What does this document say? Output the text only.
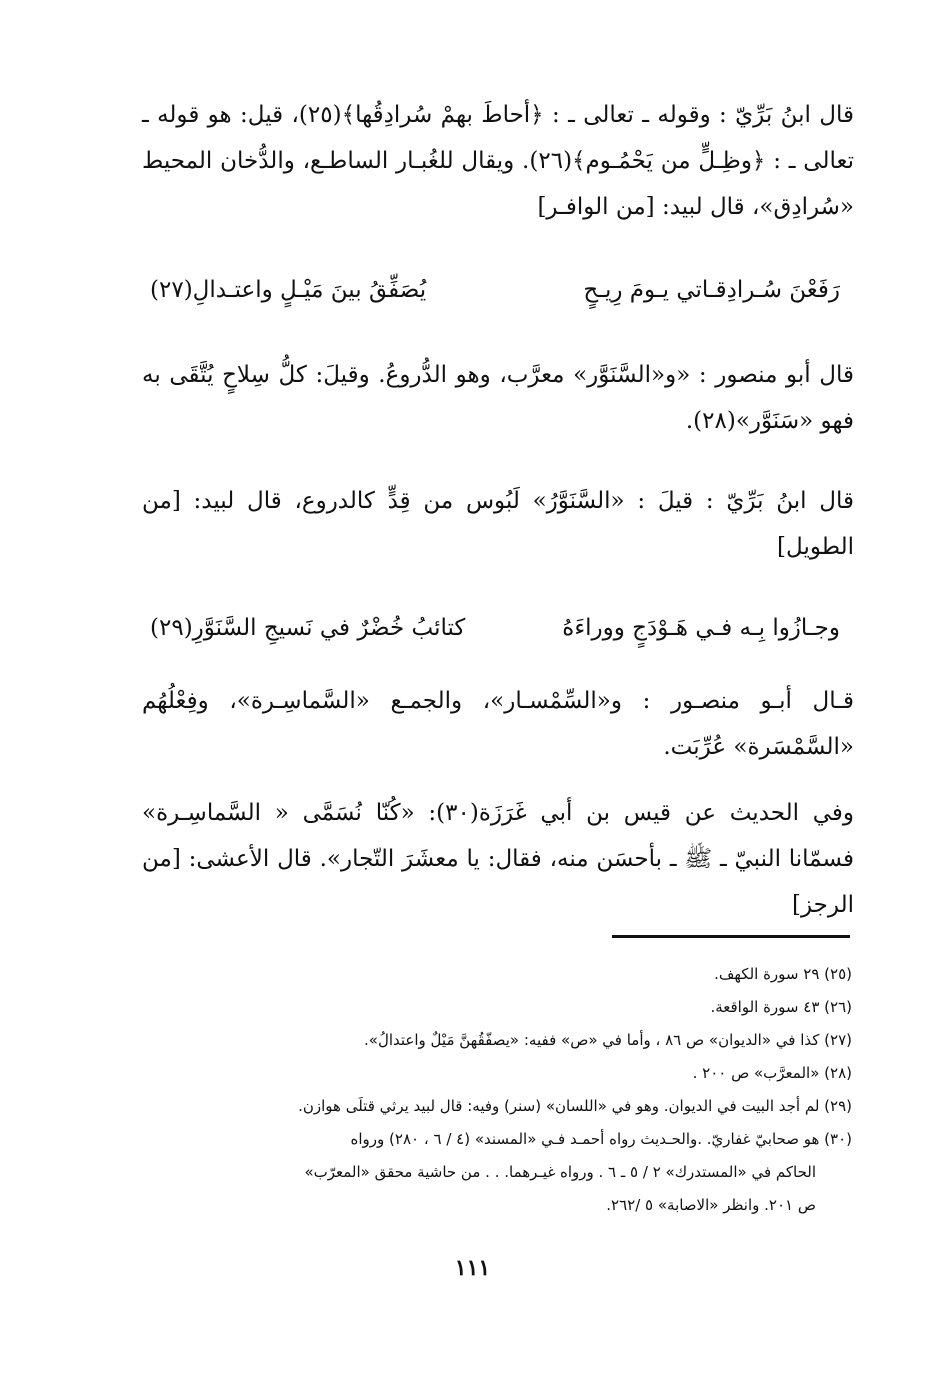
قال ابنُ بَرِّيّ : وقوله ـ تعالى ـ : ﴿أحاطَ بهمْ سُرادِقُها﴾(٢٥)، قيل: هو قوله ـ تعالى ـ : ﴿وظِـلٍّ من يَحْمُـوم﴾(٢٦). ويقال للغُبـار الساطـع، والدُّخان المحيط «سُرادِق»، قال لبيد: [من الوافـر]

رَفَعْنَ سُـرادِقـاتي يـومَ رِيـحٍ
يُصَفِّقُ بينَ مَيْـلٍ واعتـدالِ(٢٧)

قال أبو منصور : «و«السَّنَوَّر» معرَّب، وهو الدُّروعُ. وقيلَ: كلُّ سِلاحٍ يُتَّقَى به فهو «سَنَوَّر»(٢٨).

قال ابنُ بَرِّيّ : قيلَ : «السَّنَوَّرُ» لَبُوس من قِدٍّ كالدروع، قال لبيد: [من الطويل]

وجـازُوا بِـه فـي هَـوْدَجٍ ووراءَهُ
كتائبُ خُضْرٌ في نَسيجِ السَّنَوَّرِ(٢٩)

قـال أبـو منصـور : و«السِّمْسـار»، والجمـع «السَّماسِـرة»، وفِعْلُهُم «السَّمْسَرة» عُرِّبَت.

وفي الحديث عن قيس بن أبي غَرَزَة(٣٠): «كُنّا نُسَمَّى « السَّماسِـرة» فسمّانا النبيّ ـ ﷺ ـ بأحسَن منه، فقال: يا معشَرَ التّجار». قال الأعشى: [من الرجز]

(٢٥) ٢٩ سورة الكهف.

(٢٦) ٤٣ سورة الواقعة.

(٢٧) كذا في «الديوان» ص ٨٦ ، وأما في «ص» ففيه: «يصفّقُهنَّ مَيْلٌ واعتدالُ».

(٢٨) «المعرَّب» ص ٢٠٠ .

(٢٩) لم أجد البيت في الديوان. وهو في «اللسان» (سنر) وفيه: قال لبيد يرثي قتلَى هوازن.

(٣٠) هو صحابيّ غفاريّ. .والحـديث رواه أحمـد فـي «المسند» (٤ / ٦ ، ٢٨٠) ورواه

الحاكم في «المستدرك» ٢ / ٥ ـ ٦ . ورواه غيـرهما. . . من حاشية محقق «المعرّب»

ص ٢٠١. وانظر «الاصابة» ٥ /٢٦٢.

١١١
